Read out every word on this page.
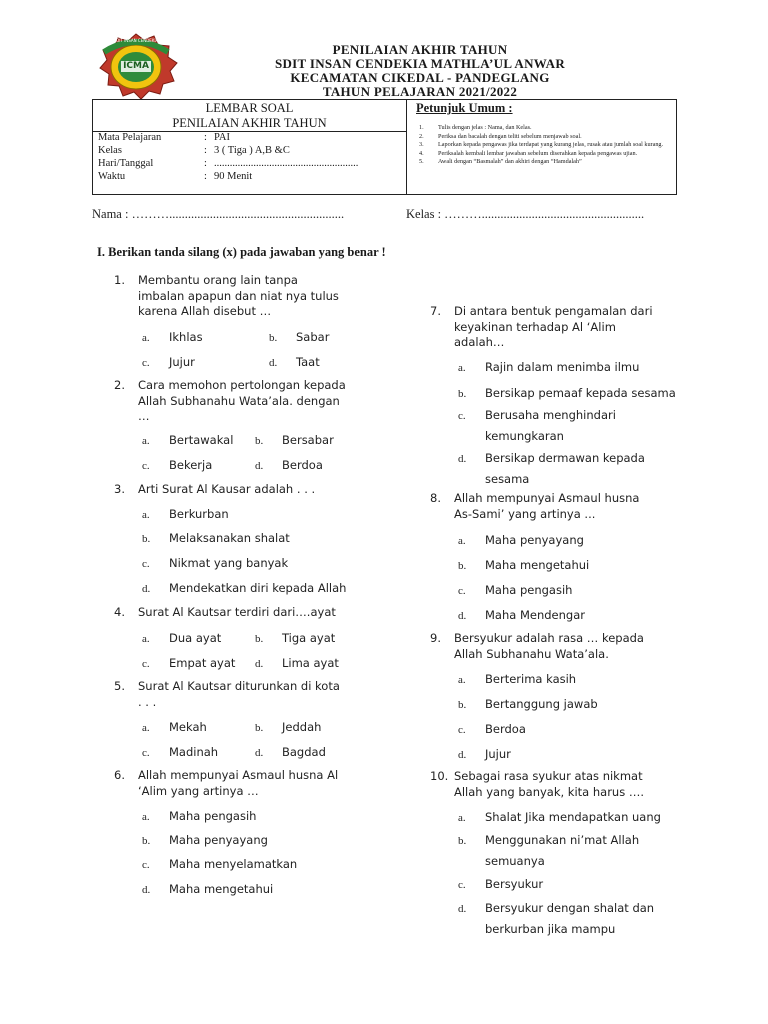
SDIT INSAN CENDEKIA
ICMA
PENILAIAN AKHIR TAHUN
SDIT INSAN CENDEKIA MATHLA’UL ANWAR
KECAMATAN CIKEDAL - PANDEGLANG
TAHUN PELAJARAN 2021/2022
LEMBAR SOAL
PENILAIAN AKHIR TAHUN
Mata Pelajaran	: PAI
Kelas	: 3 ( Tiga ) A,B &C
Hari/Tanggal	: .......................................................
Waktu	: 90 Menit
Petunjuk Umum :
1. Tulis dengan jelas : Nama, dan Kelas.
2. Periksa dan bacalah dengan teliti sebelum menjawab soal.
3. Laporkan kepada pengawas jika terdapat yang kurang jelas, rusak atau jumlah soal kurang.
4. Periksalah kembali lembar jawaban sebelum diserahkan kepada pengawas ujian.
5. Awali dengan “Basmalah” dan akhiri dengan “Hamdalah”
Nama : ………........................................................	Kelas : ………....................................................
I. Berikan tanda silang (x) pada jawaban yang benar !
1. Membantu orang lain tanpa
imbalan apapun dan niat nya tulus
karena Allah disebut …
a. Ikhlas	b. Sabar
c. Jujur	d. Taat
2. Cara memohon pertolongan kepada
Allah Subhanahu Wata’ala. dengan
…
a. Bertawakal b. Bersabar
c. Bekerja	d. Berdoa
3. Arti Surat Al Kausar adalah . . .
a. Berkurban
b. Melaksanakan shalat
c. Nikmat yang banyak
d. Mendekatkan diri kepada Allah
4. Surat Al Kautsar terdiri dari….ayat
a. Dua ayat	b. Tiga ayat
c. Empat ayat d. Lima ayat
5. Surat Al Kautsar diturunkan di kota
. . .
a. Mekah	b. Jeddah
c. Madinah	d. Bagdad
6. Allah mempunyai Asmaul husna Al
‘Alim yang artinya …
a. Maha pengasih
b. Maha penyayang
c. Maha menyelamatkan
d. Maha mengetahui
7. Di antara bentuk pengamalan dari
keyakinan terhadap Al ‘Alim
adalah…
a. Rajin dalam menimba ilmu
b. Bersikap pemaaf kepada sesama
c. Berusaha menghindari
kemungkaran
d. Bersikap dermawan kepada
sesama
8. Allah mempunyai Asmaul husna
As-Sami’ yang artinya ...
a. Maha penyayang
b. Maha mengetahui
c. Maha pengasih
d. Maha Mendengar
9. Bersyukur adalah rasa … kepada
Allah Subhanahu Wata’ala.
a. Berterima kasih
b. Bertanggung jawab
c. Berdoa
d. Jujur
10. Sebagai rasa syukur atas nikmat
Allah yang banyak, kita harus ….
a. Shalat Jika mendapatkan uang
b. Menggunakan ni’mat Allah
semuanya
c. Bersyukur
d. Bersyukur dengan shalat dan
berkurban jika mampu
